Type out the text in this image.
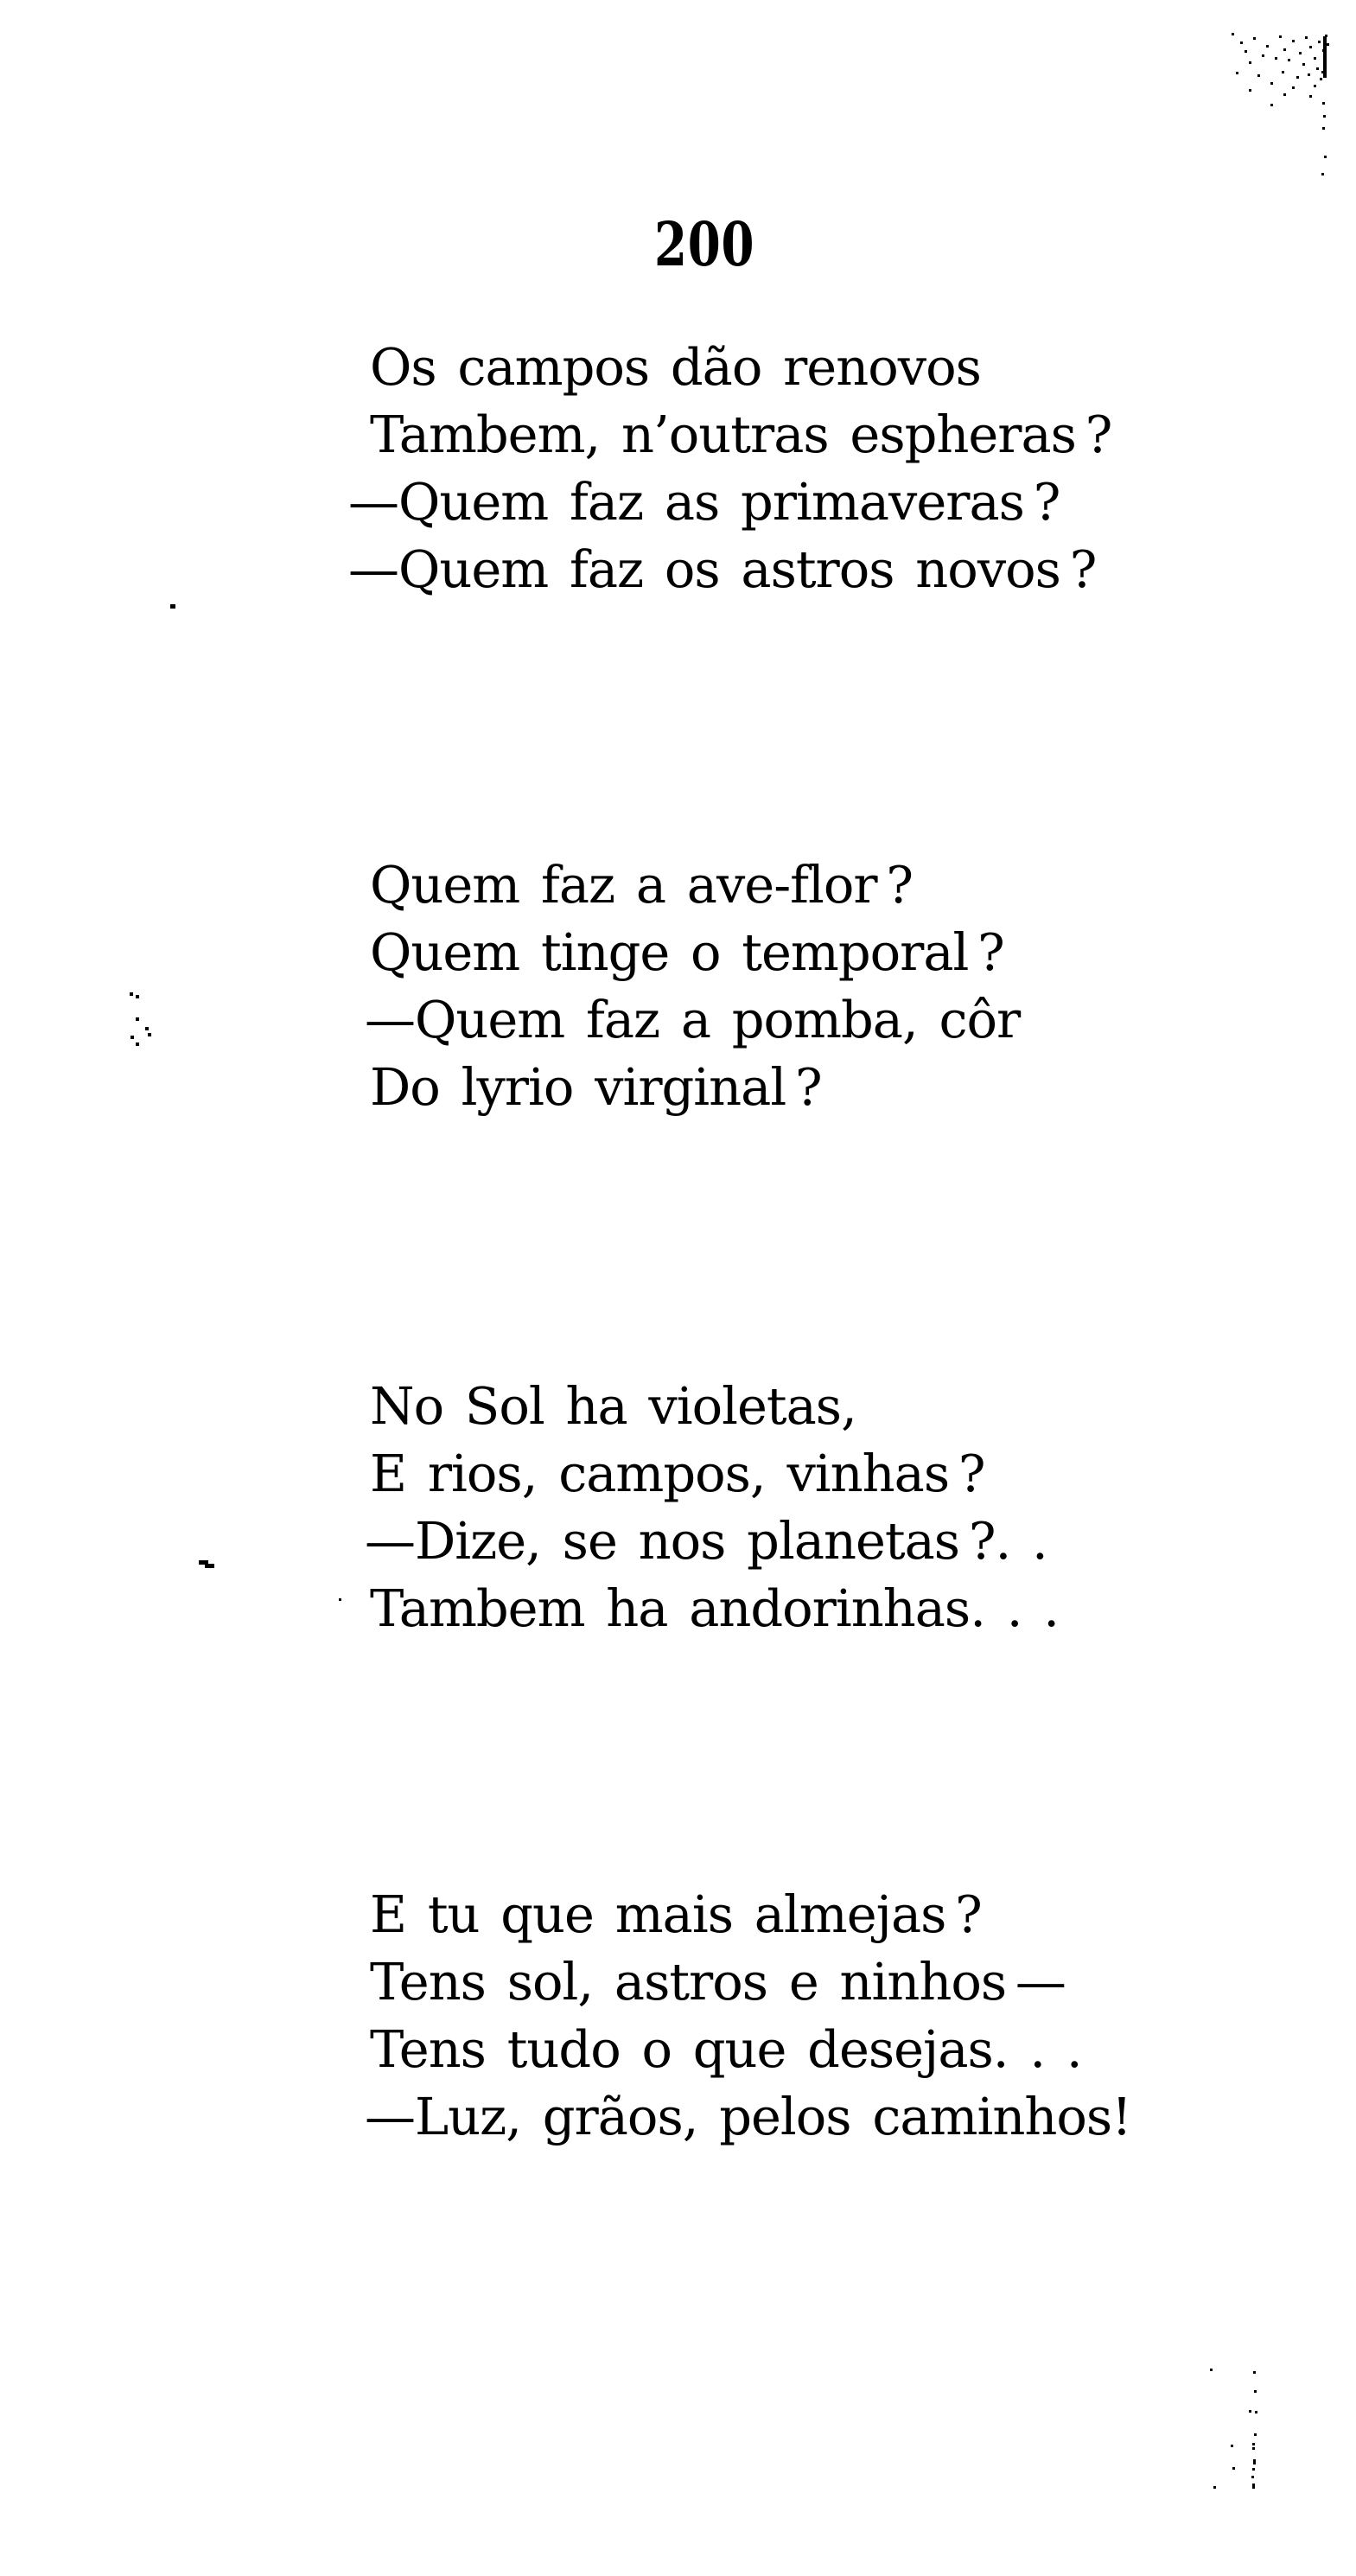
200
Os campos dão renovos
Tambem, n’outras espheras ?
—Quem faz as primaveras ?
—Quem faz os astros novos ?
Quem faz a ave-flor ?
Quem tinge o temporal ?
—Quem faz a pomba, côr
Do lyrio virginal ?
No Sol ha violetas,
E rios, campos, vinhas ?
—Dize, se nos planetas ?. .
Tambem ha andorinhas. . .
E tu que mais almejas ?
Tens sol, astros e ninhos —
Tens tudo o que desejas. . .
—Luz, grãos, pelos caminhos!
